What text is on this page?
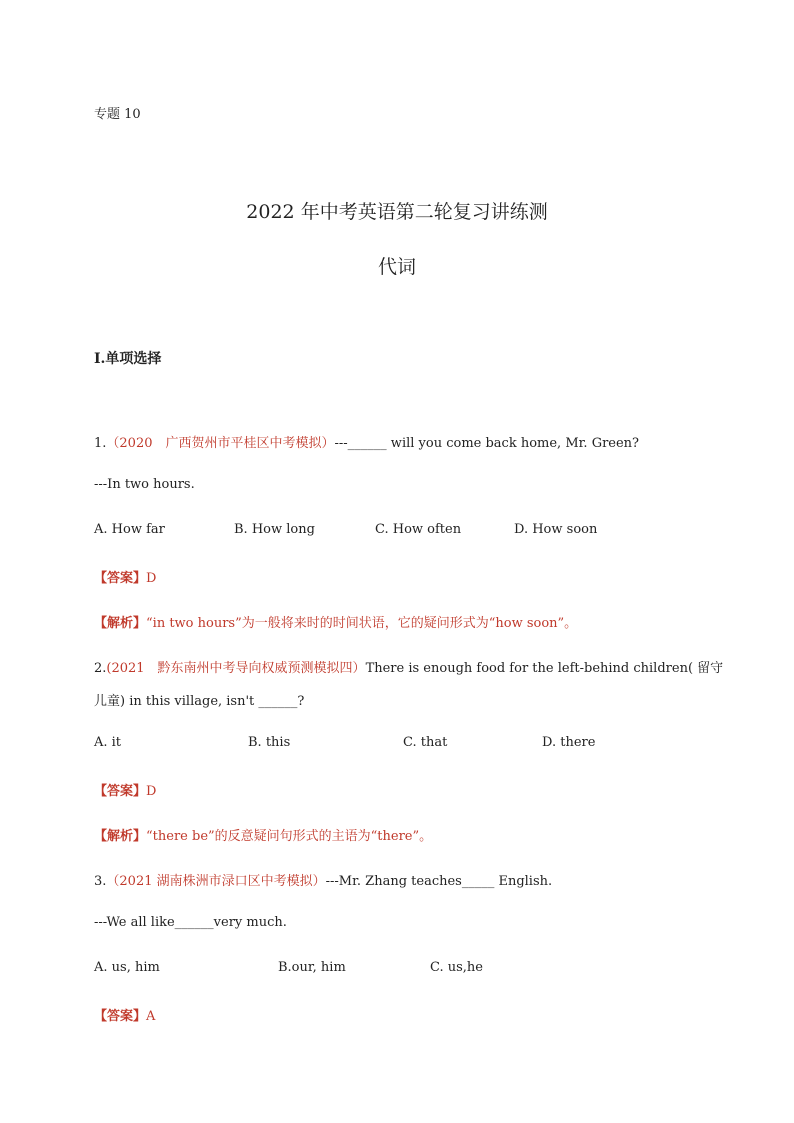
专题 10
2022 年中考英语第二轮复习讲练测
代词
Ⅰ.单项选择
1.（2020　广西贺州市平桂区中考模拟）---______ will you come back home, Mr. Green?
---In two hours.
A. How far	B. How long	C. How often	D. How soon
【答案】D
【解析】“in two hours”为一般将来时的时间状语，它的疑问形式为“how soon”。
2.(2021　黔东南州中考导向权威预测模拟四）There is enough food for the left-behind children( 留守
儿童) in this village, isn't ______?
A. it	B. this	C. that	D. there
【答案】D
【解析】“there be”的反意疑问句形式的主语为“there”。
3.（2021 湖南株洲市渌口区中考模拟）---Mr. Zhang teaches_____ English.
---We all like______very much.
A. us, him	B.our, him	C. us,he
【答案】A
